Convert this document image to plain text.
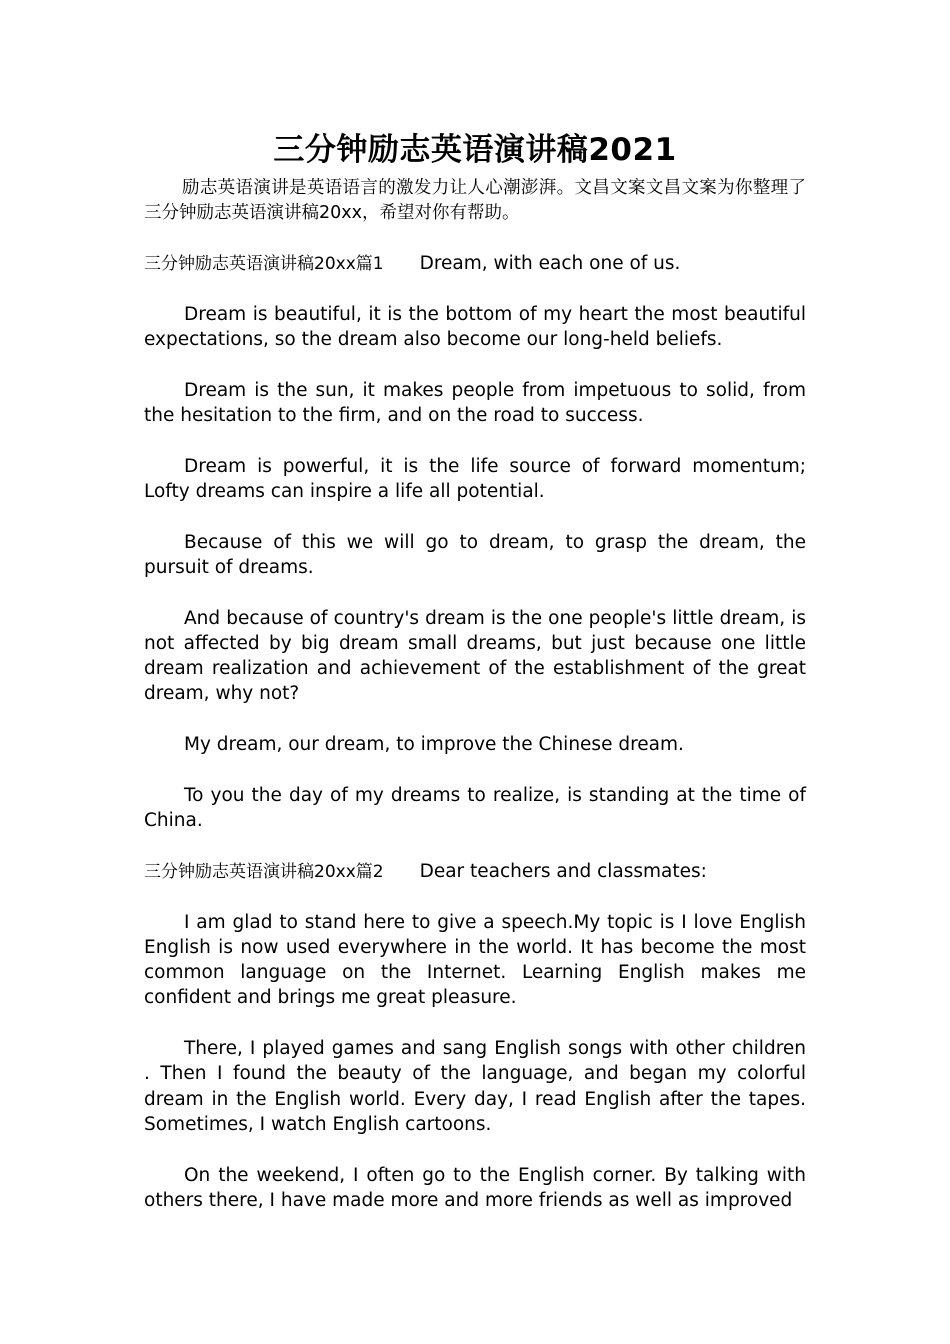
三分钟励志英语演讲稿2021

励志英语演讲是英语语言的激发力让人心潮澎湃。文昌文案文昌文案为你整理了三分钟励志英语演讲稿20xx，希望对你有帮助。

三分钟励志英语演讲稿20xx篇1 Dream, with each one of us.

Dream is beautiful, it is the bottom of my heart the most beautiful expectations, so the dream also become our long-held beliefs.

Dream is the sun, it makes people from impetuous to solid, from the hesitation to the firm, and on the road to success.

Dream is powerful, it is the life source of forward momentum; Lofty dreams can inspire a life all potential.

Because of this we will go to dream, to grasp the dream, the pursuit of dreams.

And because of country's dream is the one people's little dream, is not affected by big dream small dreams, but just because one little dream realization and achievement of the establishment of the great dream, why not?

My dream, our dream, to improve the Chinese dream.

To you the day of my dreams to realize, is standing at the time of China.

三分钟励志英语演讲稿20xx篇2 Dear teachers and classmates:

I am glad to stand here to give a speech.My topic is I love English English is now used everywhere in the world. It has become the most common language on the Internet. Learning English makes me confident and brings me great pleasure.

There, I played games and sang English songs with other children . Then I found the beauty of the language, and began my colorful dream in the English world. Every day, I read English after the tapes. Sometimes, I watch English cartoons.

On the weekend, I often go to the English corner. By talking with others there, I have made more and more friends as well as improved
